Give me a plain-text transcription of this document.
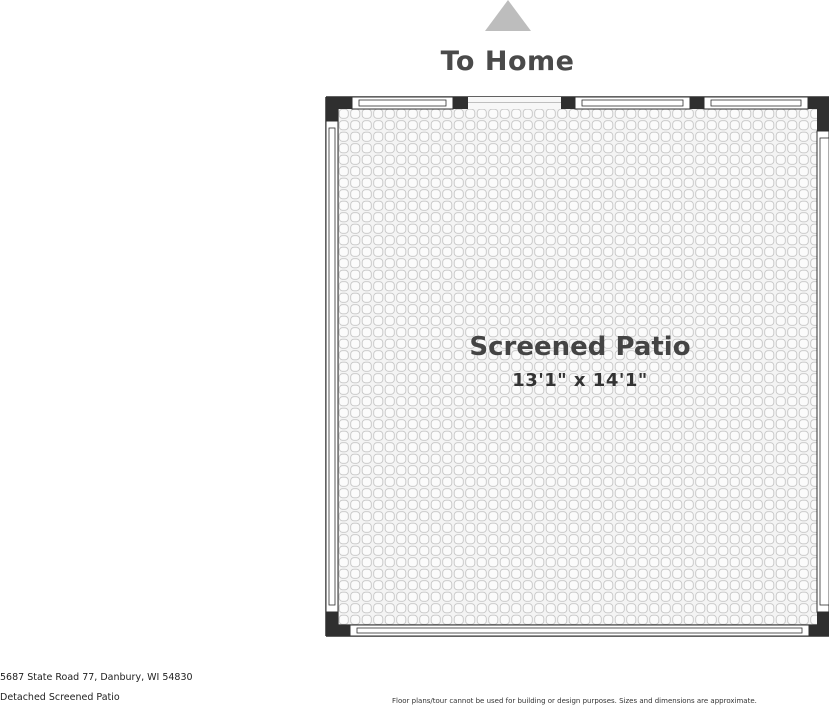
To Home
Screened Patio
13'1" x 14'1"
5687 State Road 77, Danbury, WI 54830
Detached Screened Patio	Floor plans/tour cannot be used for building or design purposes. Sizes and dimensions are approximate.
